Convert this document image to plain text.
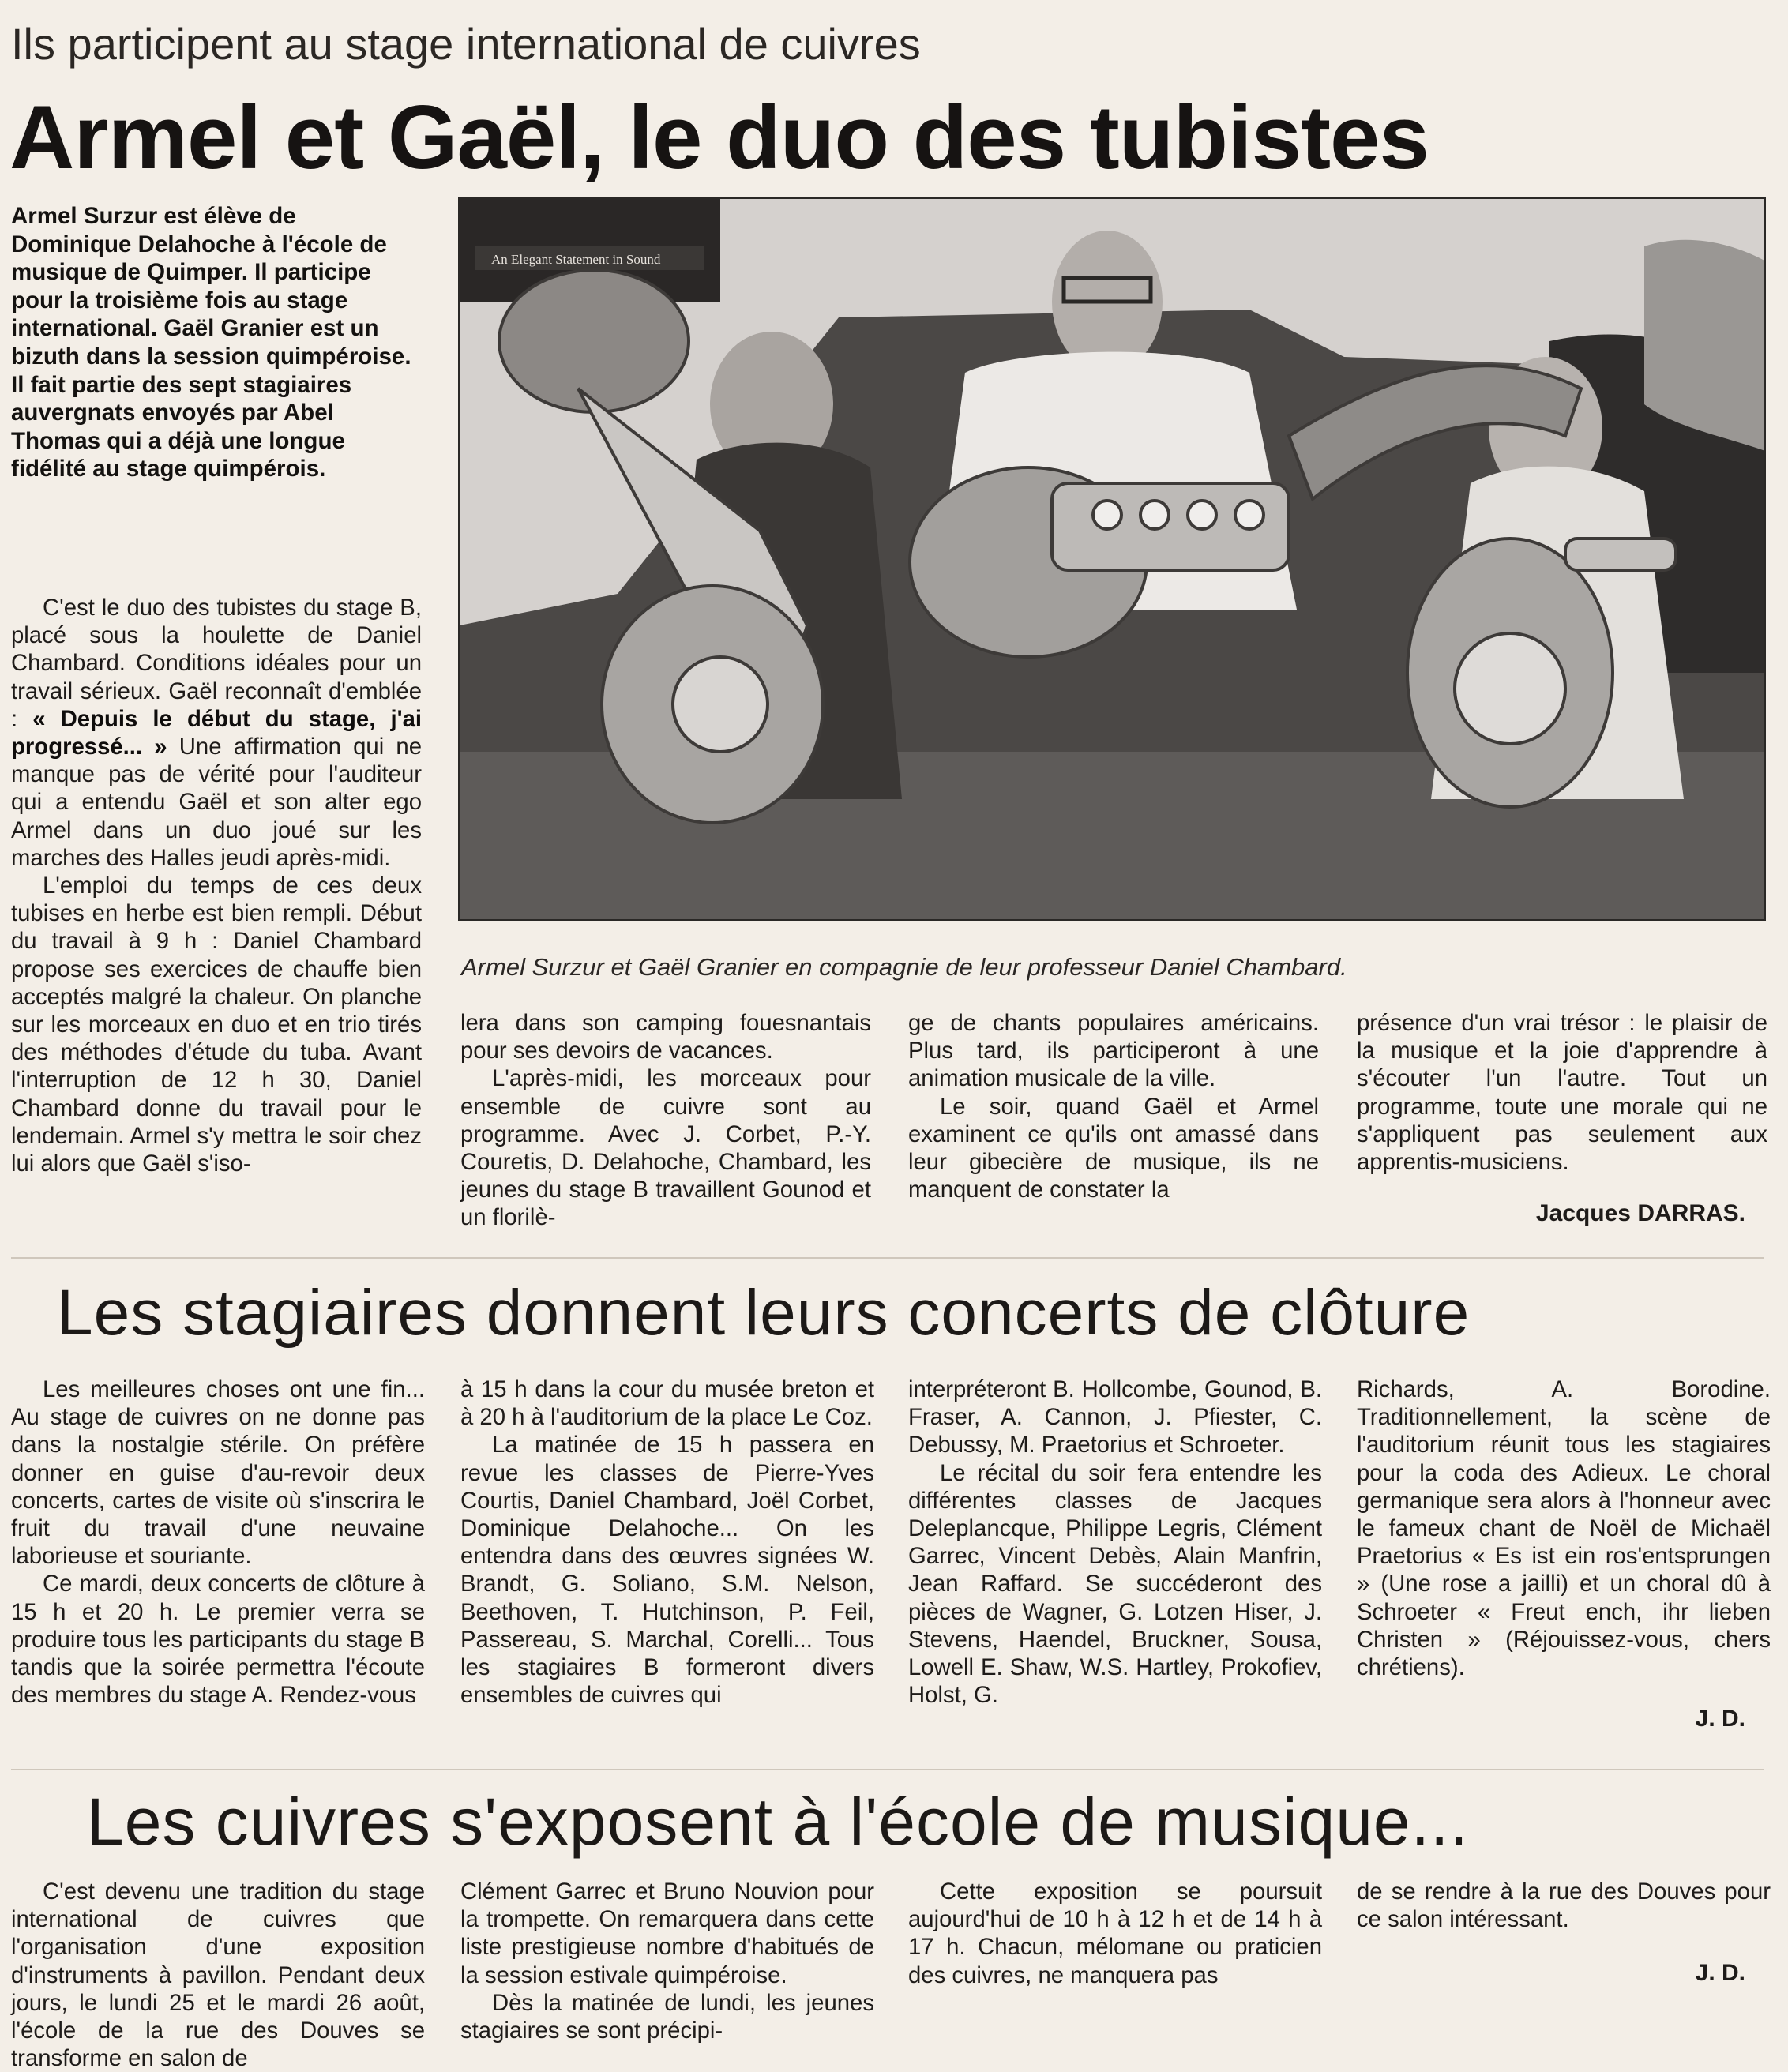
Ils participent au stage international de cuivres
Armel et Gaël, le duo des tubistes

Armel Surzur est élève de Dominique Delahoche à l'école de musique de Quimper. Il participe pour la troisième fois au stage international. Gaël Granier est un bizuth dans la session quimpéroise. Il fait partie des sept stagiaires auvergnats envoyés par Abel Thomas qui a déjà une longue fidélité au stage quimpérois.

C'est le duo des tubistes du stage B, placé sous la houlette de Daniel Chambard. Conditions idéales pour un travail sérieux. Gaël reconnaît d'emblée : « Depuis le début du stage, j'ai progressé... » Une affirmation qui ne manque pas de vérité pour l'auditeur qui a entendu Gaël et son alter ego Armel dans un duo joué sur les marches des Halles jeudi après-midi.

L'emploi du temps de ces deux tubises en herbe est bien rempli. Début du travail à 9 h : Daniel Chambard propose ses exercices de chauffe bien acceptés malgré la chaleur. On planche sur les morceaux en duo et en trio tirés des méthodes d'étude du tuba. Avant l'interruption de 12 h 30, Daniel Chambard donne du travail pour le lendemain. Armel s'y mettra le soir chez lui alors que Gaël s'iso-

An Elegant Statement in Sound
Armel Surzur et Gaël Granier en compagnie de leur professeur Daniel Chambard.

lera dans son camping fouesnantais pour ses devoirs de vacances.

L'après-midi, les morceaux pour ensemble de cuivre sont au programme. Avec J. Corbet, P.-Y. Couretis, D. Delahoche, Chambard, les jeunes du stage B travaillent Gounod et un florilè-

ge de chants populaires américains. Plus tard, ils participeront à une animation musicale de la ville.

Le soir, quand Gaël et Armel examinent ce qu'ils ont amassé dans leur gibecière de musique, ils ne manquent de constater la

présence d'un vrai trésor : le plaisir de la musique et la joie d'apprendre à s'écouter l'un l'autre. Tout un programme, toute une morale qui ne s'appliquent pas seulement aux apprentis-musiciens.

Jacques DARRAS.
Les stagiaires donnent leurs concerts de clôture

Les meilleures choses ont une fin... Au stage de cuivres on ne donne pas dans la nostalgie stérile. On préfère donner en guise d'au-revoir deux concerts, cartes de visite où s'inscrira le fruit du travail d'une neuvaine laborieuse et souriante.

Ce mardi, deux concerts de clôture à 15 h et 20 h. Le premier verra se produire tous les participants du stage B tandis que la soirée permettra l'écoute des membres du stage A. Rendez-vous

à 15 h dans la cour du musée breton et à 20 h à l'auditorium de la place Le Coz.

La matinée de 15 h passera en revue les classes de Pierre-Yves Courtis, Daniel Chambard, Joël Corbet, Dominique Delahoche... On les entendra dans des œuvres signées W. Brandt, G. Soliano, S.M. Nelson, Beethoven, T. Hutchinson, P. Feil, Passereau, S. Marchal, Corelli... Tous les stagiaires B formeront divers ensembles de cuivres qui

interpréteront B. Hollcombe, Gounod, B. Fraser, A. Cannon, J. Pfiester, C. Debussy, M. Praetorius et Schroeter.

Le récital du soir fera entendre les différentes classes de Jacques Deleplancque, Philippe Legris, Clément Garrec, Vincent Debès, Alain Manfrin, Jean Raffard. Se succéderont des pièces de Wagner, G. Lotzen Hiser, J. Stevens, Haendel, Bruckner, Sousa, Lowell E. Shaw, W.S. Hartley, Prokofiev, Holst, G.

Richards, A. Borodine. Traditionnellement, la scène de l'auditorium réunit tous les stagiaires pour la coda des Adieux. Le choral germanique sera alors à l'honneur avec le fameux chant de Noël de Michaël Praetorius « Es ist ein ros'entsprungen » (Une rose a jailli) et un choral dû à Schroeter « Freut ench, ihr lieben Christen » (Réjouissez-vous, chers chrétiens).

J. D.
Les cuivres s'exposent à l'école de musique...

C'est devenu une tradition du stage international de cuivres que l'organisation d'une exposition d'instruments à pavillon. Pendant deux jours, le lundi 25 et le mardi 26 août, l'école de la rue des Douves se transforme en salon de

Clément Garrec et Bruno Nouvion pour la trompette. On remarquera dans cette liste prestigieuse nombre d'habitués de la session estivale quimpéroise.

Dès la matinée de lundi, les jeunes stagiaires se sont précipi-

Cette exposition se poursuit aujourd'hui de 10 h à 12 h et de 14 h à 17 h. Chacun, mélomane ou praticien des cuivres, ne manquera pas

de se rendre à la rue des Douves pour ce salon intéressant.

J. D.
